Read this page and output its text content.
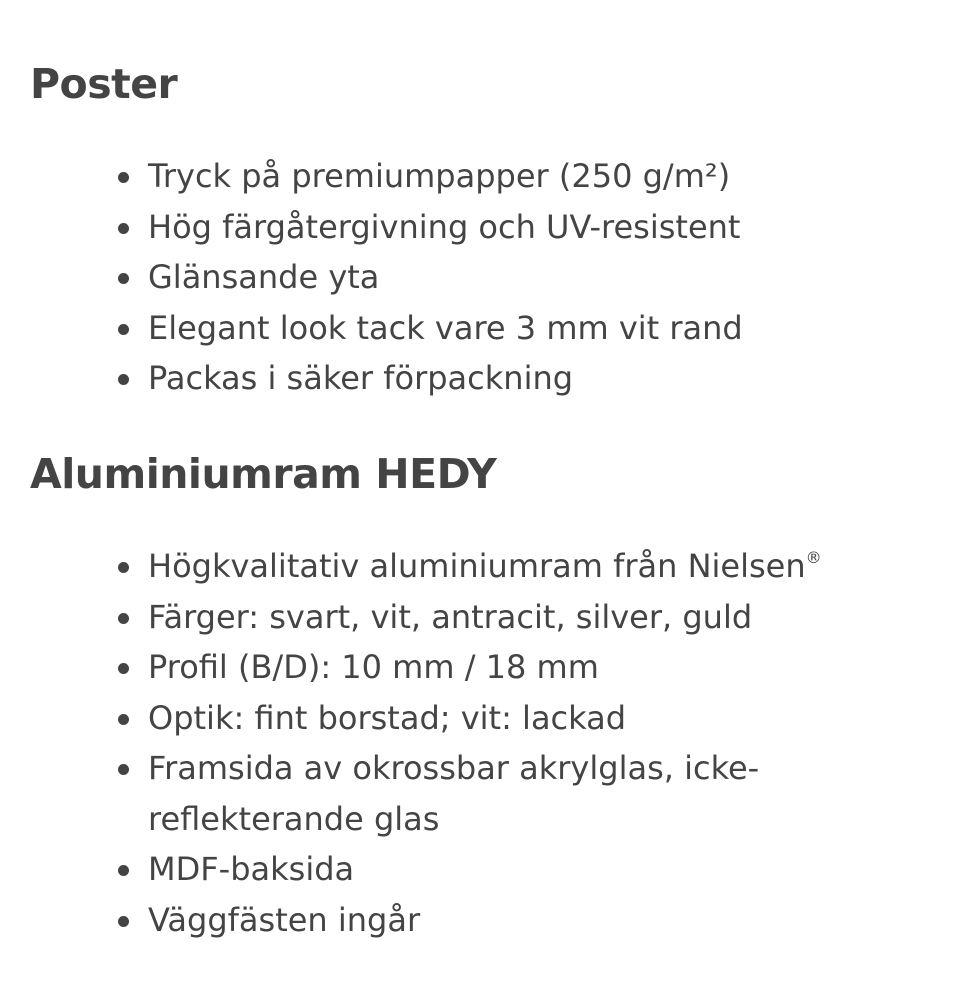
Poster
Tryck på premiumpapper (250 g/m²)
Hög färgåtergivning och UV-resistent
Glänsande yta
Elegant look tack vare 3 mm vit rand
Packas i säker förpackning
Aluminiumram HEDY
Högkvalitativ aluminiumram från Nielsen®
Färger: svart, vit, antracit, silver, guld
Profil (B/D): 10 mm / 18 mm
Optik: fint borstad; vit: lackad
Framsida av okrossbar akrylglas, icke-reflekterande glas
MDF-baksida
Väggfästen ingår
